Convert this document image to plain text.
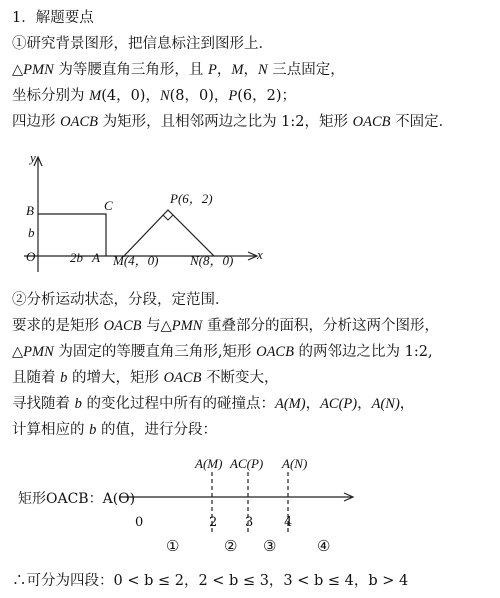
1．解题要点
①研究背景图形，把信息标注到图形上．
△PMN 为等腰直角三角形，且 P，M，N 三点固定，
坐标分别为 M(4，0)，N(8，0)，P(6，2)；
四边形 OACB 为矩形，且相邻两边之比为 1:2，矩形 OACB 不固定．
y
x
O
B
b
C
2b A M(4，0) N(8，0)
P(6，2)
②分析运动状态，分段，定范围．
要求的是矩形 OACB 与△PMN 重叠部分的面积，分析这两个图形，
△PMN 为固定的等腰直角三角形,矩形 OACB 的两邻边之比为 1:2,
且随着 b 的增大，矩形 OACB 不断变大，
寻找随着 b 的变化过程中所有的碰撞点：A(M)，AC(P)，A(N)，
计算相应的 b 的值，进行分段：
矩形OACB：A(O)
A(M) AC(P) A(N)
0	2 3 4
①	② ③	④
∴可分为四段：0 < b ≤ 2，2 < b ≤ 3，3 < b ≤ 4，b > 4
